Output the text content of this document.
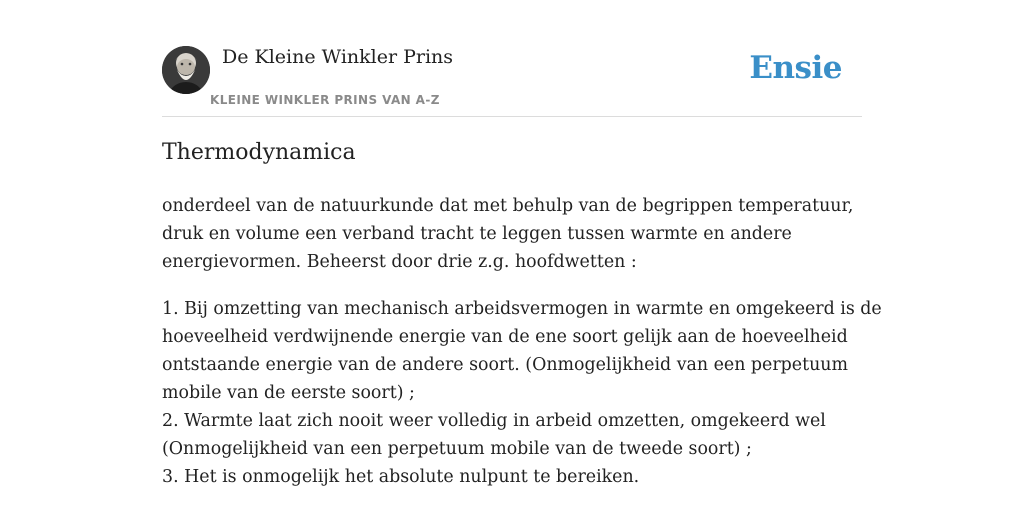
De Kleine Winkler Prins
KLEINE WINKLER PRINS VAN A-Z
Ensie
Thermodynamica

onderdeel van de natuurkunde dat met behulp van de begrippen temperatuur,

druk en volume een verband tracht te leggen tussen warmte en andere

energievormen. Beheerst door drie z.g. hoofdwetten :

1. Bij omzetting van mechanisch arbeidsvermogen in warmte en omgekeerd is de

hoeveelheid verdwijnende energie van de ene soort gelijk aan de hoeveelheid

ontstaande energie van de andere soort. (Onmogelijkheid van een perpetuum

mobile van de eerste soort) ;

2. Warmte laat zich nooit weer volledig in arbeid omzetten, omgekeerd wel

(Onmogelijkheid van een perpetuum mobile van de tweede soort) ;

3. Het is onmogelijk het absolute nulpunt te bereiken.
